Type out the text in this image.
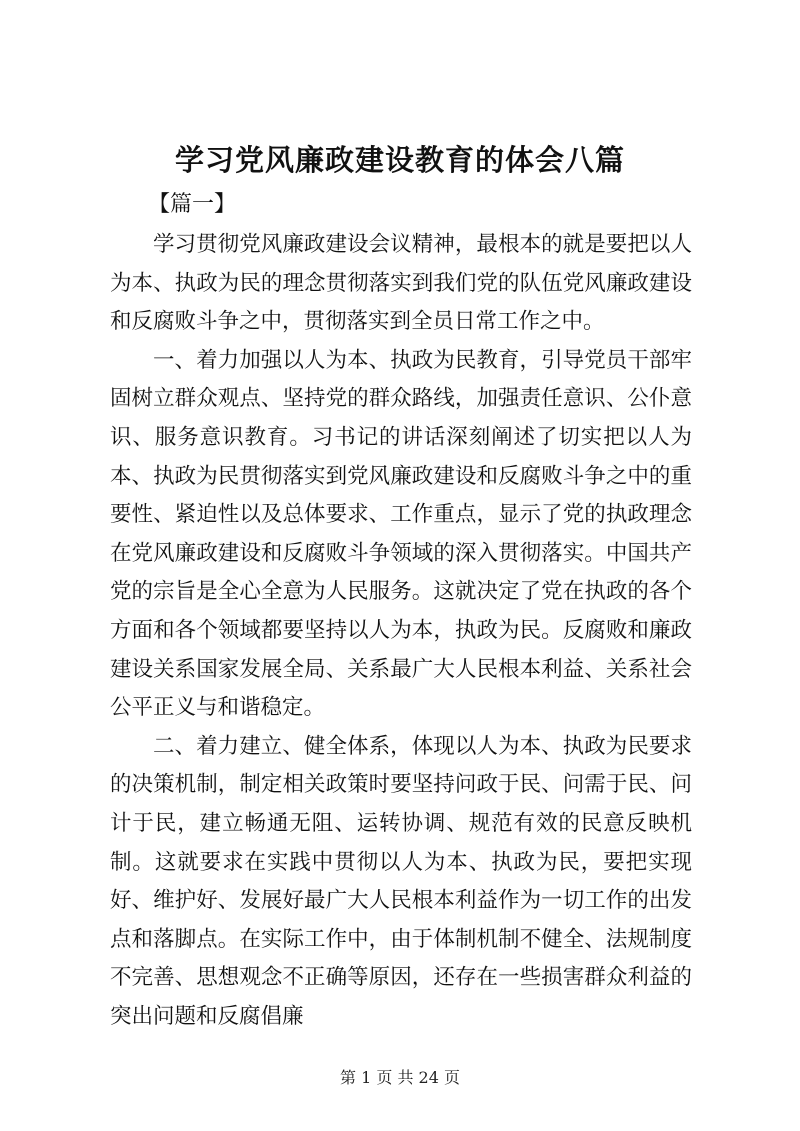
学习党风廉政建设教育的体会八篇
【篇一】

学习贯彻党风廉政建设会议精神，最根本的就是要把以人为本、执政为民的理念贯彻落实到我们党的队伍党风廉政建设和反腐败斗争之中，贯彻落实到全员日常工作之中。

一、着力加强以人为本、执政为民教育，引导党员干部牢固树立群众观点、坚持党的群众路线，加强责任意识、公仆意识、服务意识教育。习书记的讲话深刻阐述了切实把以人为本、执政为民贯彻落实到党风廉政建设和反腐败斗争之中的重要性、紧迫性以及总体要求、工作重点，显示了党的执政理念在党风廉政建设和反腐败斗争领域的深入贯彻落实。中国共产党的宗旨是全心全意为人民服务。这就决定了党在执政的各个方面和各个领域都要坚持以人为本，执政为民。反腐败和廉政建设关系国家发展全局、关系最广大人民根本利益、关系社会公平正义与和谐稳定。

二、着力建立、健全体系，体现以人为本、执政为民要求的决策机制，制定相关政策时要坚持问政于民、问需于民、问计于民，建立畅通无阻、运转协调、规范有效的民意反映机制。这就要求在实践中贯彻以人为本、执政为民，要把实现好、维护好、发展好最广大人民根本利益作为一切工作的出发点和落脚点。在实际工作中，由于体制机制不健全、法规制度不完善、思想观念不正确等原因，还存在一些损害群众利益的突出问题和反腐倡廉

第 1 页 共 24 页
